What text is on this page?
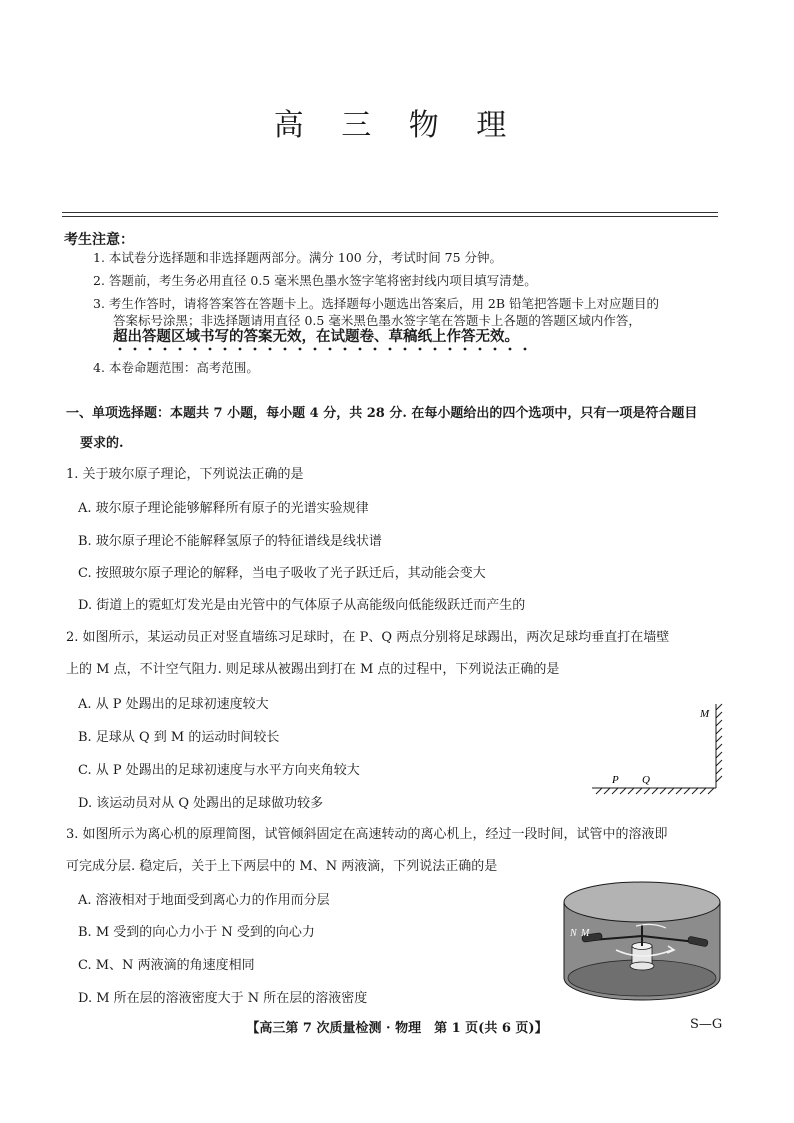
高 三 物 理
考生注意：
1. 本试卷分选择题和非选择题两部分。满分 100 分，考试时间 75 分钟。
2. 答题前，考生务必用直径 0.5 毫米黑色墨水签字笔将密封线内项目填写清楚。
3. 考生作答时，请将答案答在答题卡上。选择题每小题选出答案后，用 2B 铅笔把答题卡上对应题目的
答案标号涂黑；非选择题请用直径 0.5 毫米黑色墨水签字笔在答题卡上各题的答题区域内作答，
超出答题区域书写的答案无效，在试题卷、草稿纸上作答无效。
4. 本卷命题范围：高考范围。
一、单项选择题：本题共 7 小题，每小题 4 分，共 28 分. 在每小题给出的四个选项中，只有一项是符合题目
要求的.
1. 关于玻尔原子理论，下列说法正确的是
A. 玻尔原子理论能够解释所有原子的光谱实验规律
B. 玻尔原子理论不能解释氢原子的特征谱线是线状谱
C. 按照玻尔原子理论的解释，当电子吸收了光子跃迁后，其动能会变大
D. 街道上的霓虹灯发光是由光管中的气体原子从高能级向低能级跃迁而产生的
2. 如图所示，某运动员正对竖直墙练习足球时，在 P、Q 两点分别将足球踢出，两次足球均垂直打在墙壁
上的 M 点，不计空气阻力. 则足球从被踢出到打在 M 点的过程中，下列说法正确的是
A. 从 P 处踢出的足球初速度较大
B. 足球从 Q 到 M 的运动时间较长
C. 从 P 处踢出的足球初速度与水平方向夹角较大
D. 该运动员对从 Q 处踢出的足球做功较多
M
P Q
3. 如图所示为离心机的原理简图，试管倾斜固定在高速转动的离心机上，经过一段时间，试管中的溶液即
可完成分层. 稳定后，关于上下两层中的 M、N 两液滴，下列说法正确的是
A. 溶液相对于地面受到离心力的作用而分层
B. M 受到的向心力小于 N 受到的向心力
C. M、N 两液滴的角速度相同
D. M 所在层的溶液密度大于 N 所在层的溶液密度
N M
【高三第 7 次质量检测 · 物理　第 1 页(共 6 页)】	S—G
